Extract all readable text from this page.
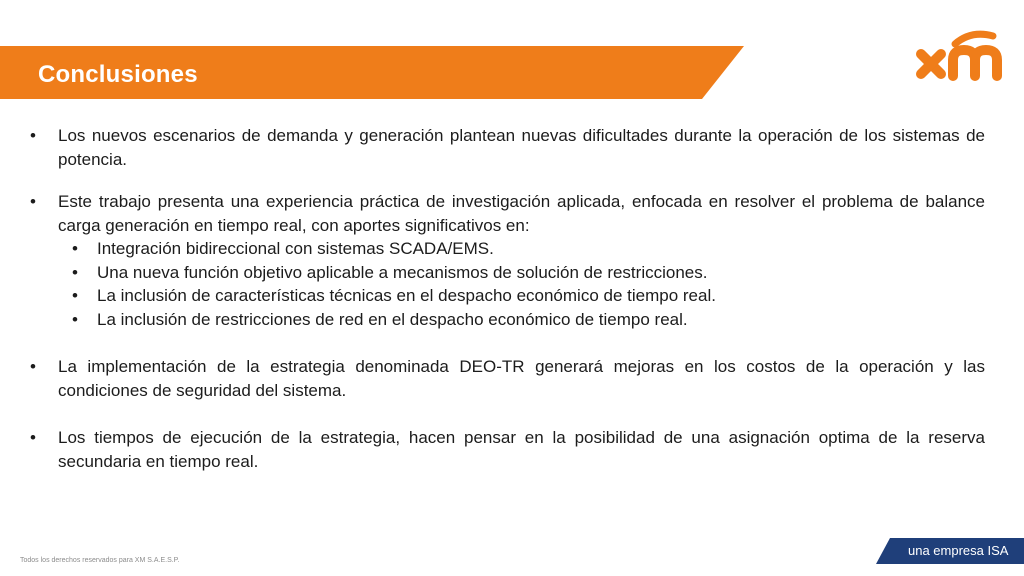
Conclusiones
• Los nuevos escenarios de demanda y generación plantean nuevas dificultades durante la operación de los sistemas de potencia.
• Este trabajo presenta una experiencia práctica de investigación aplicada, enfocada en resolver el problema de balance carga generación en tiempo real, con aportes significativos en:
• Integración bidireccional con sistemas SCADA/EMS.
• Una nueva función objetivo aplicable a mecanismos de solución de restricciones.
• La inclusión de características técnicas en el despacho económico de tiempo real.
• La inclusión de restricciones de red en el despacho económico de tiempo real.
• La implementación de la estrategia denominada DEO-TR generará mejoras en los costos de la operación y las condiciones de seguridad del sistema.
• Los tiempos de ejecución de la estrategia, hacen pensar en la posibilidad de una asignación optima de la reserva secundaria en tiempo real.
Todos los derechos reservados para XM S.A.E.S.P.
una empresa ISA
